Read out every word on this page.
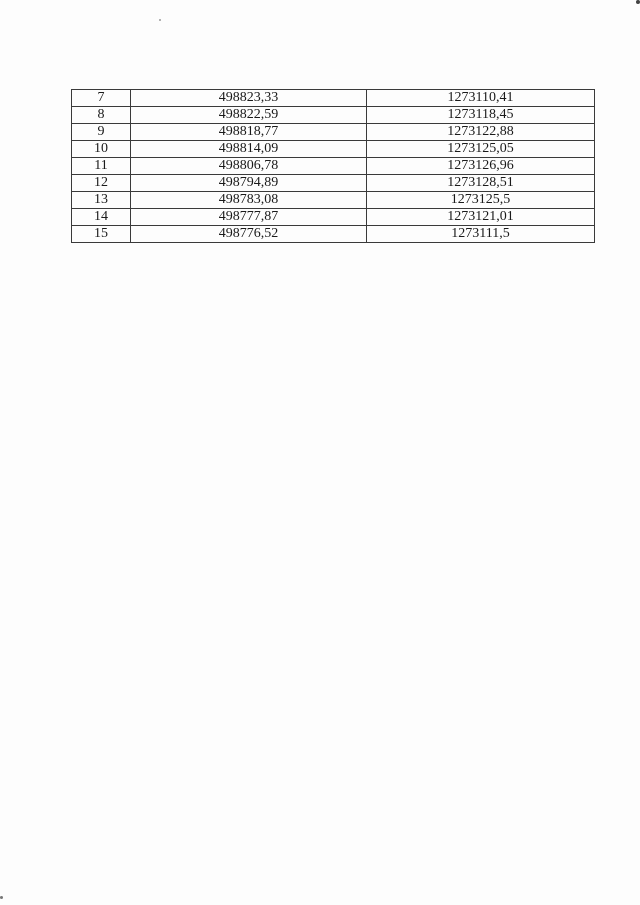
7	498823,33	1273110,41
8	498822,59	1273118,45
9	498818,77	1273122,88
10	498814,09	1273125,05
11	498806,78	1273126,96
12	498794,89	1273128,51
13	498783,08	1273125,5
14	498777,87	1273121,01
15	498776,52	1273111,5
